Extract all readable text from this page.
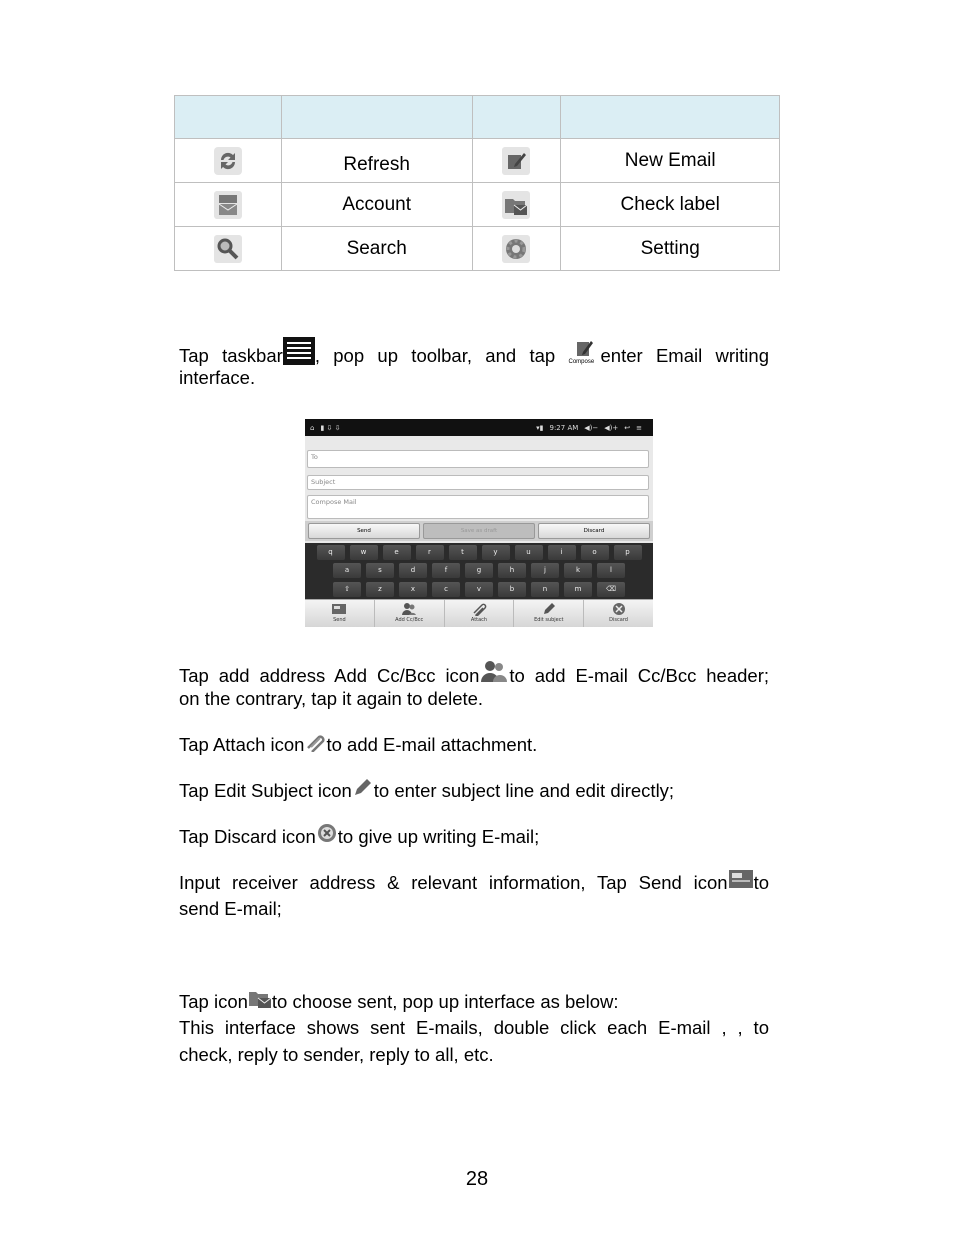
	Refresh		New Email
	Account		Check label
	Search		Setting
Tap taskbar , pop up toolbar, and tap Compose enter Email writing
interface.
⌂ ▮ ⇩ ⇩	▾▮ 9:27 AM ◀)− ◀)+ ↩ ≡
To
Subject
Compose Mail
Send	Save as draft	Discard
q	w	e	r	t	y	u	i	o	p
a	s	d	f	g	h	j	k	l
⇧	z	x	c	v	b	n	m	⌫
Send	Add Cc/Bcc	Attach	Edit subject	Discard
Tap add address Add Cc/Bcc icon to add E-mail Cc/Bcc header;
on the contrary, tap it again to delete.
Tap Attach icon to add E-mail attachment.
Tap Edit Subject icon to enter subject line and edit directly;
Tap Discard icon to give up writing E-mail;
Input receiver address & relevant information, Tap Send icon to
send E-mail;
Tap icon to choose sent, pop up interface as below:
This interface shows sent E-mails, double click each E-mail , , to
check, reply to sender, reply to all, etc.
28
